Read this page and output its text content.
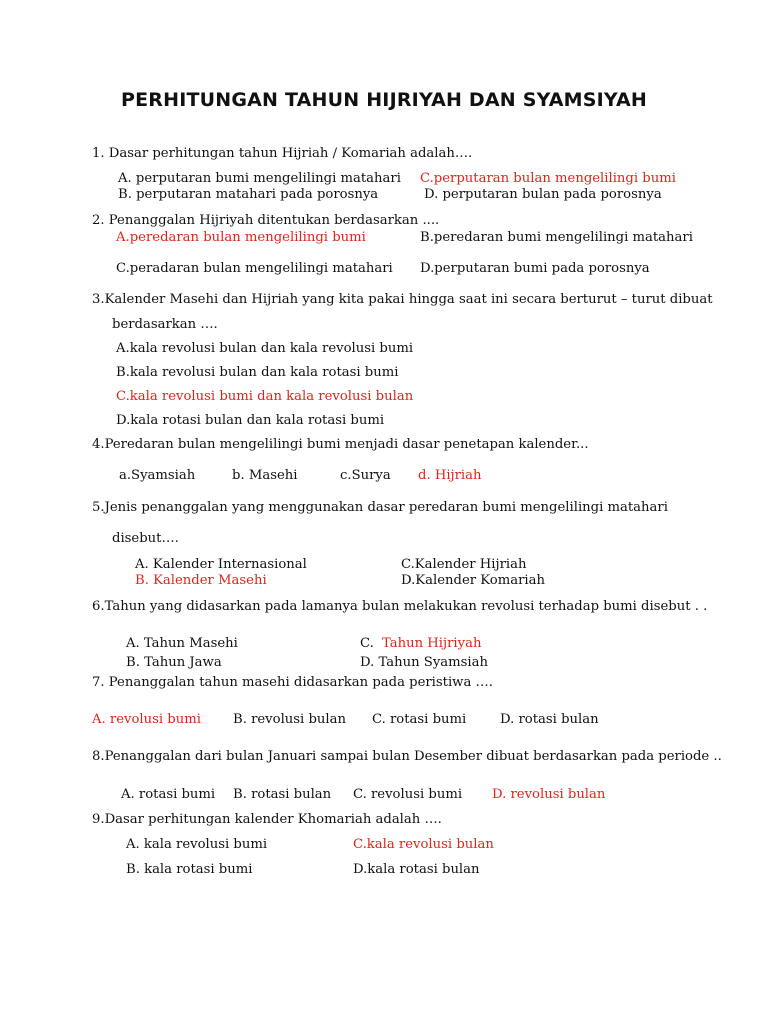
PERHITUNGAN TAHUN HIJRIYAH DAN SYAMSIYAH
1. Dasar perhitungan tahun Hijriah / Komariah adalah….
A. perputaran bumi mengelilingi matahari C.perputaran bulan mengelilingi bumi
B. perputaran matahari pada porosnya	D. perputaran bulan pada porosnya
2. Penanggalan Hijriyah ditentukan berdasarkan ....
A.peredaran bulan mengelilingi bumi	B.peredaran bumi mengelilingi matahari
C.peradaran bulan mengelilingi matahari D.perputaran bumi pada porosnya
3.Kalender Masehi dan Hijriah yang kita pakai hingga saat ini secara berturut – turut dibuat
berdasarkan ….
A.kala revolusi bulan dan kala revolusi bumi
B.kala revolusi bulan dan kala rotasi bumi
C.kala revolusi bumi dan kala revolusi bulan
D.kala rotasi bulan dan kala rotasi bumi
4.Peredaran bulan mengelilingi bumi menjadi dasar penetapan kalender...
a.Syamsiah	b. Masehi	c.Surya d. Hijriah
5.Jenis penanggalan yang menggunakan dasar peredaran bumi mengelilingi matahari
disebut….
A. Kalender Internasional	C.Kalender Hijriah
B. Kalender Masehi	D.Kalender Komariah
6.Tahun yang didasarkan pada lamanya bulan melakukan revolusi terhadap bumi disebut . .
A. Tahun Masehi	C. Tahun Hijriyah
B. Tahun Jawa	D. Tahun Syamsiah
7. Penanggalan tahun masehi didasarkan pada peristiwa ….
A. revolusi bumi B. revolusi bulan C. rotasi bumi	D. rotasi bulan
8.Penanggalan dari bulan Januari sampai bulan Desember dibuat berdasarkan pada periode ..
A. rotasi bumi B. rotasi bulan C. revolusi bumi D. revolusi bulan
9.Dasar perhitungan kalender Khomariah adalah ….
A. kala revolusi bumi	C.kala revolusi bulan
B. kala rotasi bumi	D.kala rotasi bulan
